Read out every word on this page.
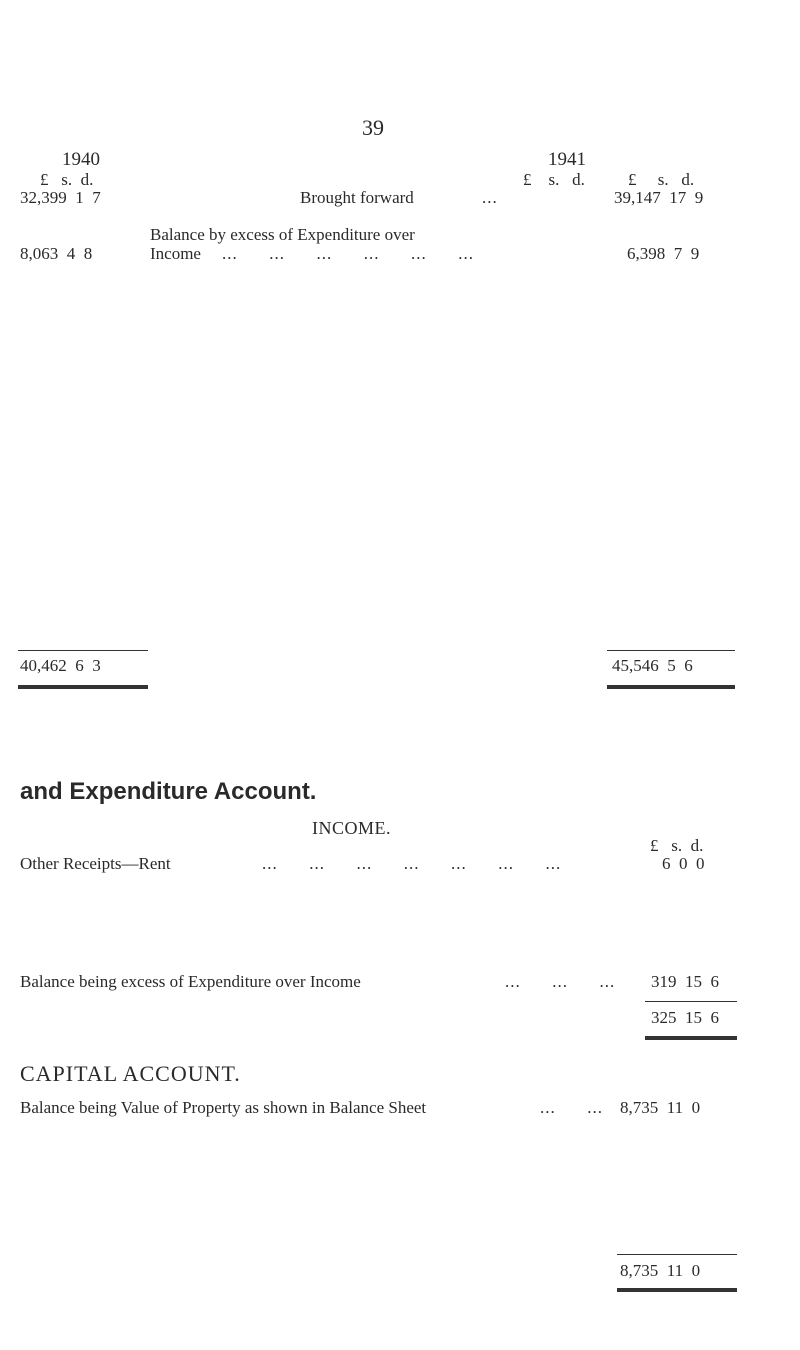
39
1940
£   s.  d.
1941
£    s.   d.	£     s.   d.
32,399  1  7	Brought forward	...	39,147  17  9
Balance by excess of Expenditure over
8,063  4  8	Income ...      ...      ...      ...      ...      ...	6,398  7  9
40,462  6  3	45,546  5  6
and Expenditure Account.
INCOME.
£   s.  d.
Other Receipts—Rent	...      ...      ...      ...      ...      ...      ...	6  0  0
Balance being excess of Expenditure over Income	...      ...      ... 319  15  6
325  15  6
CAPITAL ACCOUNT.
Balance being Value of Property as shown in Balance Sheet	...      ... 8,735  11  0
8,735  11  0
